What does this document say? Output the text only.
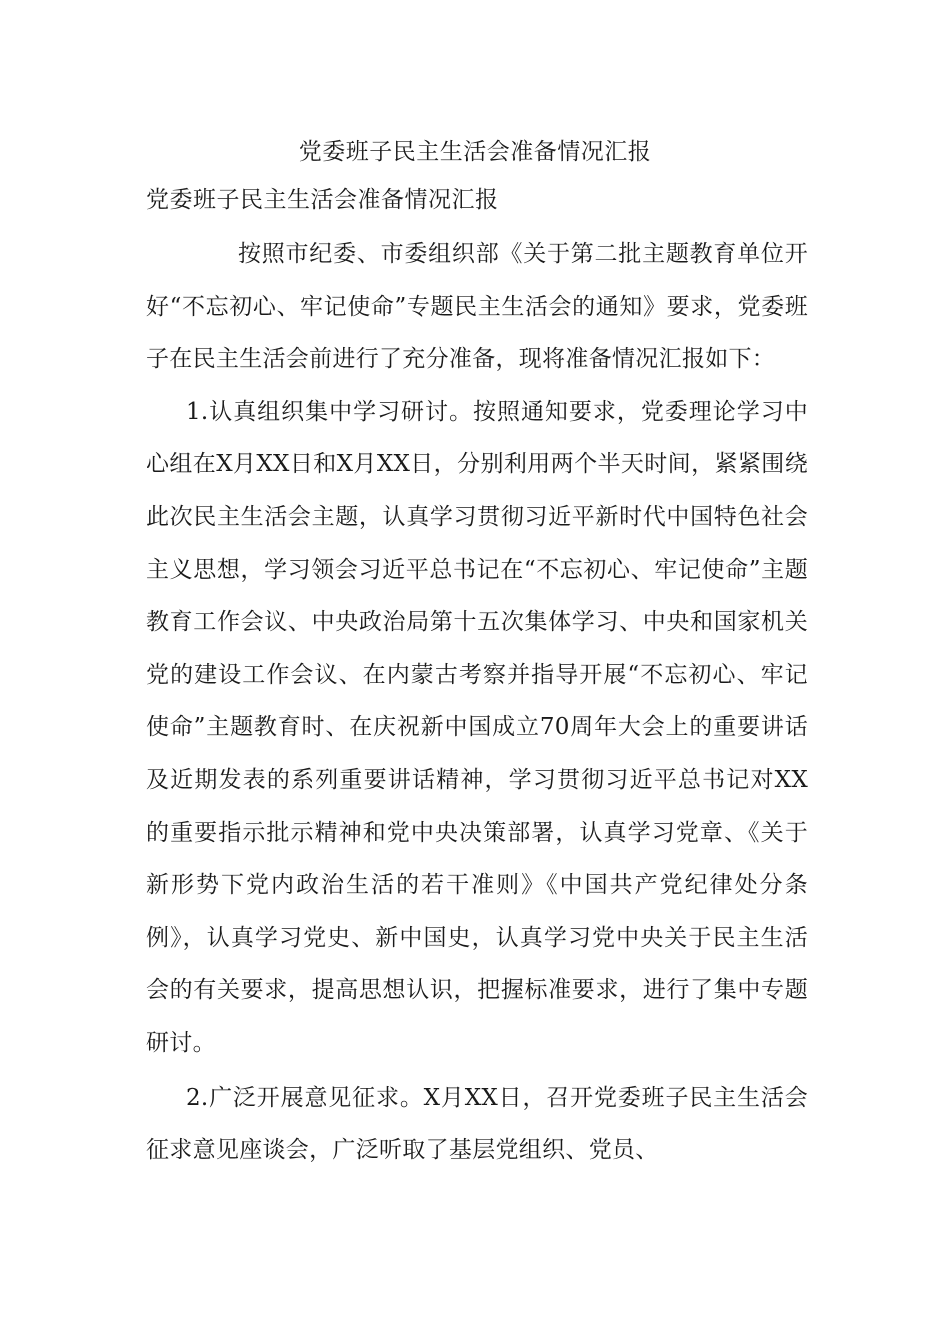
党委班子民主生活会准备情况汇报
党委班子民主生活会准备情况汇报

按照市纪委、市委组织部《关于第二批主题教育单位开好“不忘初心、牢记使命”专题民主生活会的通知》要求，党委班子在民主生活会前进行了充分准备，现将准备情况汇报如下：

1.认真组织集中学习研讨。按照通知要求，党委理论学习中心组在X月XX日和X月XX日，分别利用两个半天时间，紧紧围绕此次民主生活会主题，认真学习贯彻习近平新时代中国特色社会主义思想，学习领会习近平总书记在“不忘初心、牢记使命”主题教育工作会议、中央政治局第十五次集体学习、中央和国家机关党的建设工作会议、在内蒙古考察并指导开展“不忘初心、牢记使命”主题教育时、在庆祝新中国成立70周年大会上的重要讲话及近期发表的系列重要讲话精神，学习贯彻习近平总书记对XX的重要指示批示精神和党中央决策部署，认真学习党章、《关于新形势下党内政治生活的若干准则》《中国共产党纪律处分条例》，认真学习党史、新中国史，认真学习党中央关于民主生活会的有关要求，提高思想认识，把握标准要求，进行了集中专题研讨。

2.广泛开展意见征求。X月XX日，召开党委班子民主生活会征求意见座谈会，广泛听取了基层党组织、党员、
